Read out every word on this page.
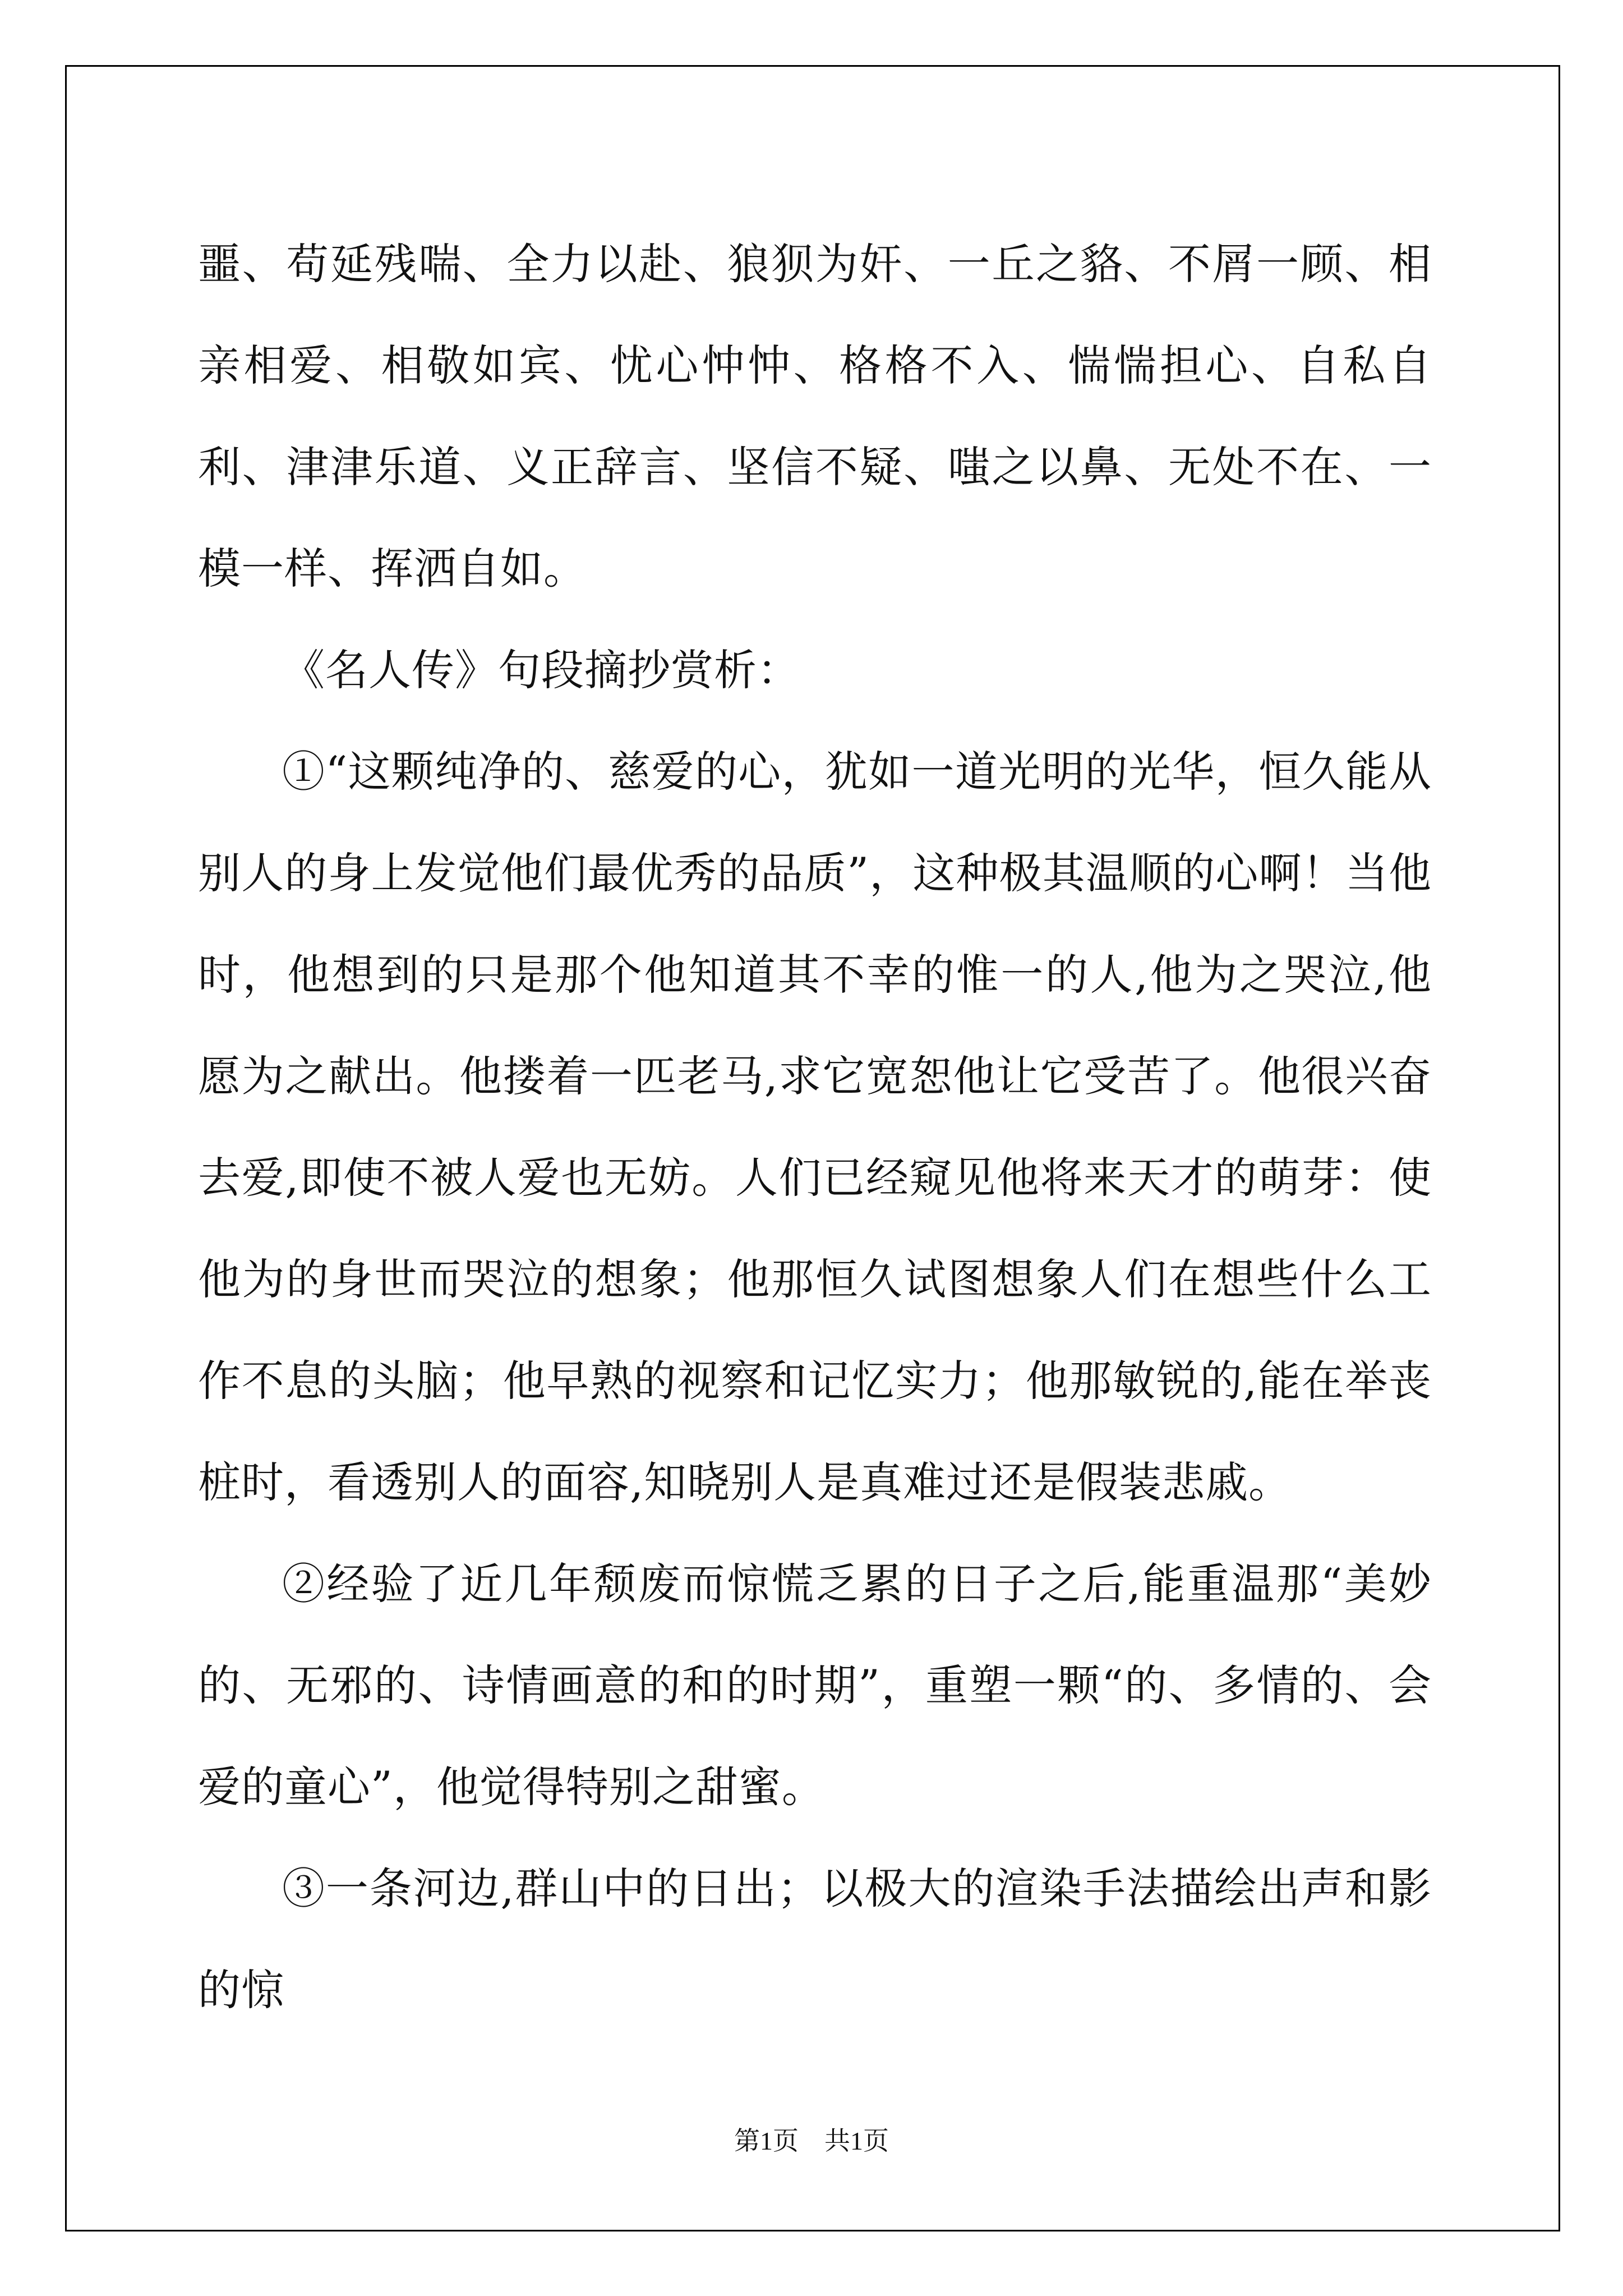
噩、苟延残喘、全力以赴、狼狈为奸、一丘之貉、不屑一顾、相亲相爱、相敬如宾、忧心忡忡、格格不入、惴惴担心、自私自利、津津乐道、义正辞言、坚信不疑、嗤之以鼻、无处不在、一模一样、挥洒自如。

《名人传》句段摘抄赏析：

①“这颗纯净的、慈爱的心，犹如一道光明的光华，恒久能从别人的身上发觉他们最优秀的品质”，这种极其温顺的心啊！当他时，他想到的只是那个他知道其不幸的惟一的人,他为之哭泣,他愿为之献出。他搂着一匹老马,求它宽恕他让它受苦了。他很兴奋去爱,即使不被人爱也无妨。人们已经窥见他将来天才的萌芽：使他为的身世而哭泣的想象；他那恒久试图想象人们在想些什么工作不息的头脑；他早熟的视察和记忆实力；他那敏锐的,能在举丧桩时，看透别人的面容,知晓别人是真难过还是假装悲戚。

②经验了近几年颓废而惊慌乏累的日子之后,能重温那“美妙的、无邪的、诗情画意的和的时期”，重塑一颗“的、多情的、会爱的童心”，他觉得特别之甜蜜。

③一条河边,群山中的日出；以极大的渲染手法描绘出声和影的惊

第1页 共1页
